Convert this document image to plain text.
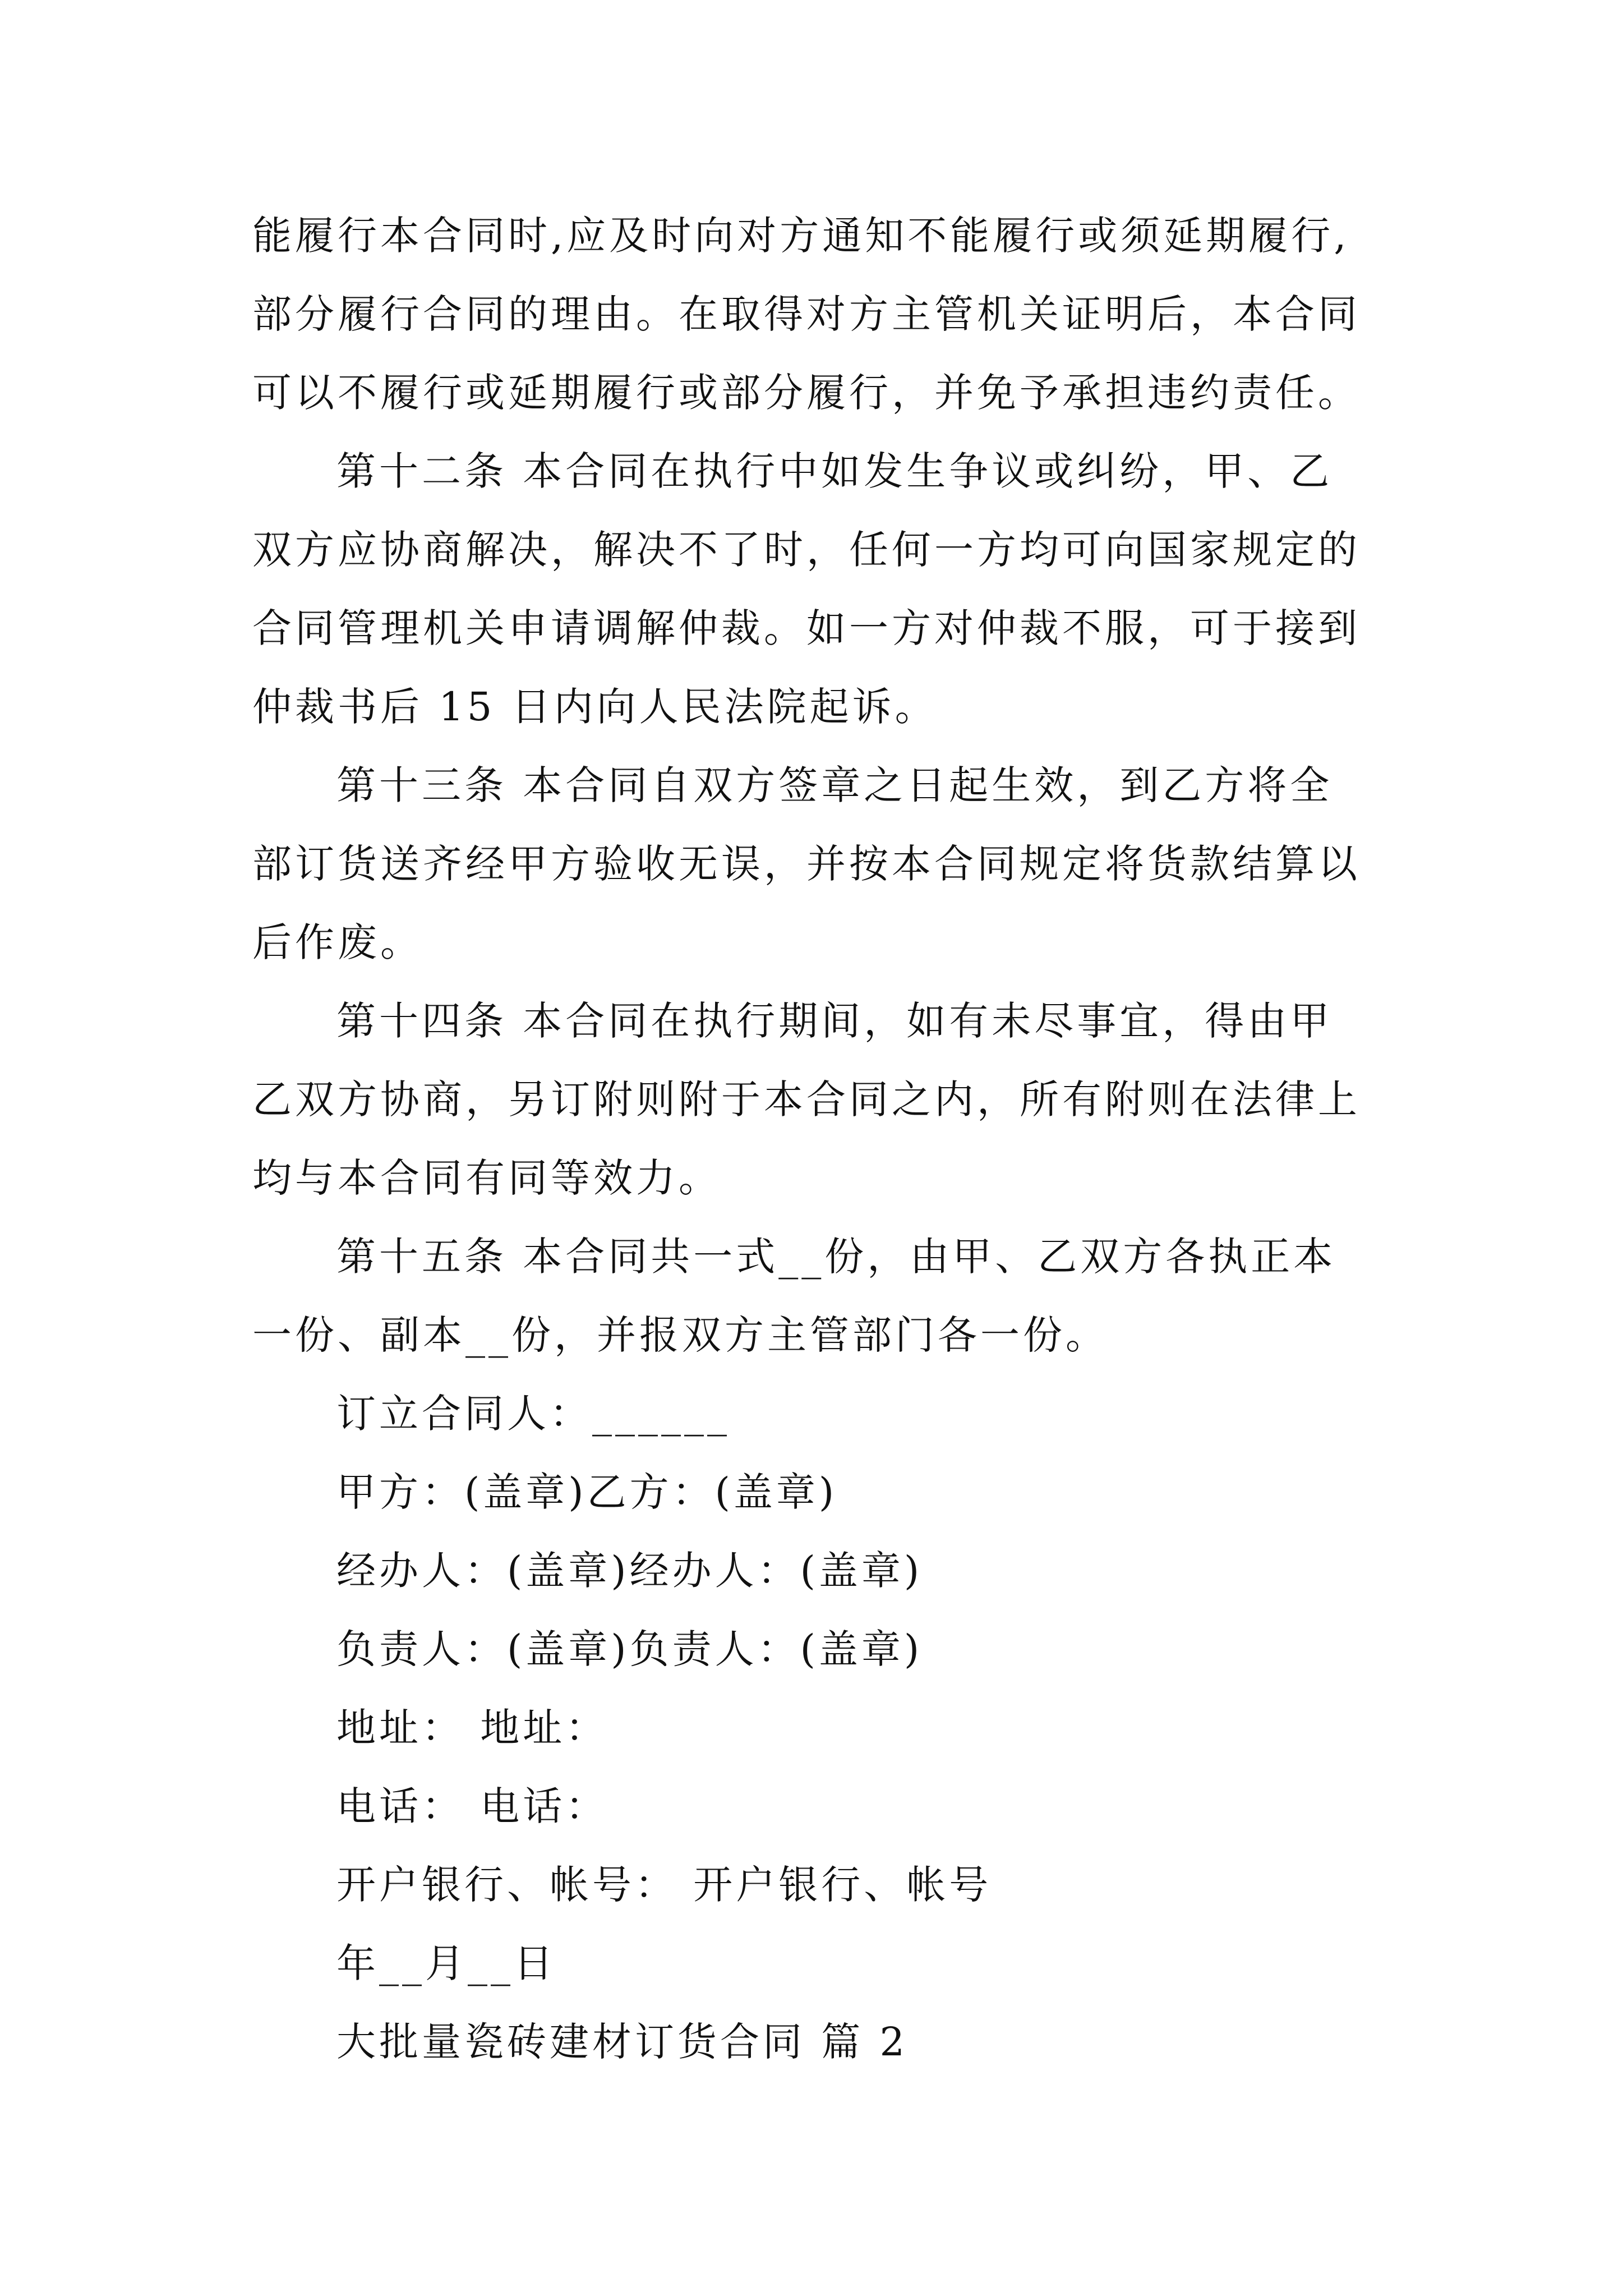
能履行本合同时,应及时向对方通知不能履行或须延期履行,
部分履行合同的理由。在取得对方主管机关证明后，本合同
可以不履行或延期履行或部分履行，并免予承担违约责任。
第十二条 本合同在执行中如发生争议或纠纷，甲、乙
双方应协商解决，解决不了时，任何一方均可向国家规定的
合同管理机关申请调解仲裁。如一方对仲裁不服，可于接到
仲裁书后 15 日内向人民法院起诉。
第十三条 本合同自双方签章之日起生效，到乙方将全
部订货送齐经甲方验收无误，并按本合同规定将货款结算以
后作废。
第十四条 本合同在执行期间，如有未尽事宜，得由甲
乙双方协商，另订附则附于本合同之内，所有附则在法律上
均与本合同有同等效力。
第十五条 本合同共一式__份，由甲、乙双方各执正本
一份、副本__份，并报双方主管部门各一份。
订立合同人：______
甲方：(盖章)乙方：(盖章)
经办人：(盖章)经办人：(盖章)
负责人：(盖章)负责人：(盖章)
地址： 地址：
电话： 电话：
开户银行、帐号： 开户银行、帐号
年__月__日
大批量瓷砖建材订货合同 篇 2
